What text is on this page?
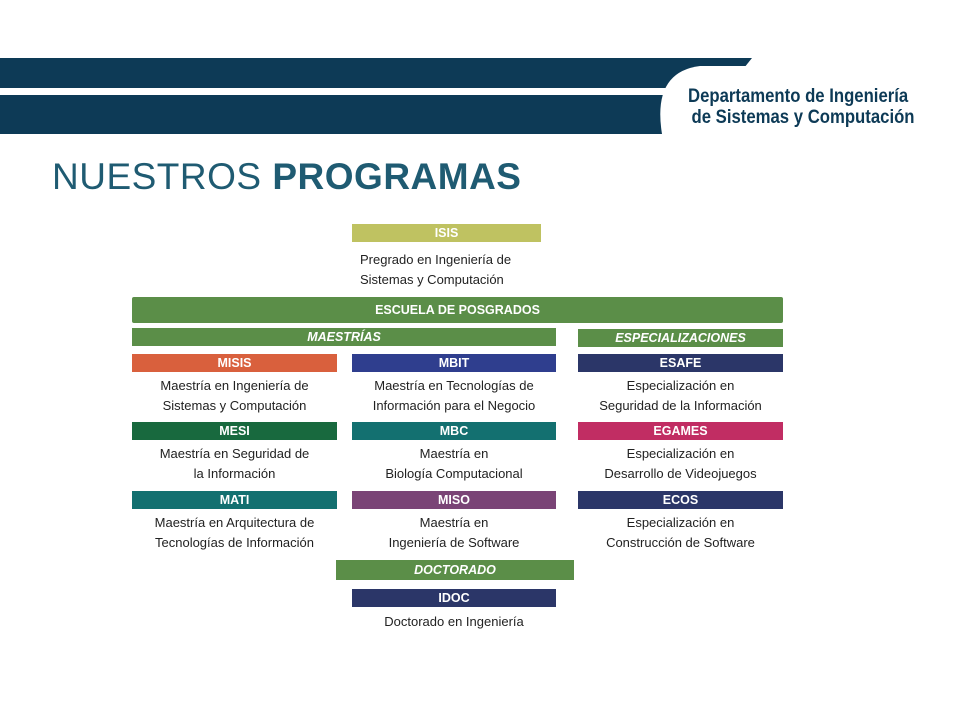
Departamento de Ingeniería
de Sistemas y Computación
NUESTROS PROGRAMAS
ISIS
Pregrado en Ingeniería de
Sistemas y Computación
ESCUELA DE POSGRADOS
MAESTRÍAS	ESPECIALIZACIONES
MISIS
Maestría en Ingeniería de
Sistemas y Computación
MBIT
Maestría en Tecnologías de
Información para el Negocio
ESAFE
Especialización en
Seguridad de la Información
MESI
Maestría en Seguridad de
la Información
MBC
Maestría en
Biología Computacional
EGAMES
Especialización en
Desarrollo de Videojuegos
MATI
Maestría en Arquitectura de
Tecnologías de Información
MISO
Maestría en
Ingeniería de Software
ECOS
Especialización en
Construcción de Software
DOCTORADO
IDOC
Doctorado en Ingeniería
